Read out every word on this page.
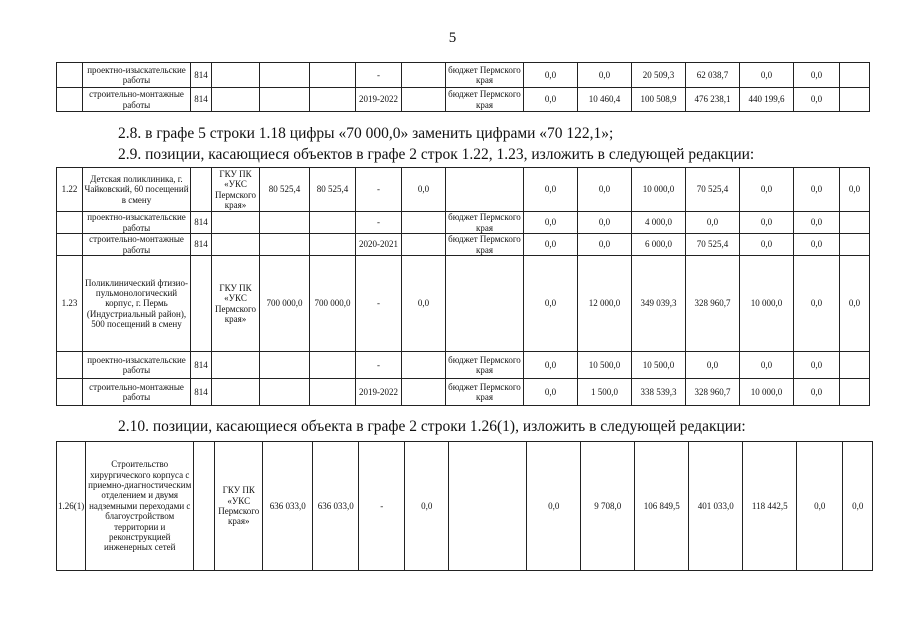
5
	проектно-изыскательские работы	814				-		бюджет Пермского края	0,0	0,0	20 509,3	62 038,7	0,0	0,0	
	строительно-монтажные работы	814				2019-2022		бюджет Пермского края	0,0	10 460,4	100 508,9	476 238,1	440 199,6	0,0	
2.8. в графе 5 строки 1.18 цифры «70 000,0» заменить цифрами «70 122,1»;
2.9. позиции, касающиеся объектов в графе 2 строк 1.22, 1.23, изложить в следующей редакции:
1.22	Детская поликлиника, г. Чайковский, 60 посещений в смену		ГКУ ПК «УКС Пермского края»	80 525,4	80 525,4	-	0,0		0,0	0,0	10 000,0	70 525,4	0,0	0,0	0,0
	проектно-изыскательские работы	814				-		бюджет Пермского края	0,0	0,0	4 000,0	0,0	0,0	0,0	
	строительно-монтажные работы	814				2020-2021		бюджет Пермского края	0,0	0,0	6 000,0	70 525,4	0,0	0,0	
1.23	Поликлинический фтизио-пульмонологический корпус, г. Пермь (Индустриальный район), 500 посещений в смену		ГКУ ПК «УКС Пермского края»	700 000,0	700 000,0	-	0,0		0,0	12 000,0	349 039,3	328 960,7	10 000,0	0,0	0,0
	проектно-изыскательские работы	814				-		бюджет Пермского края	0,0	10 500,0	10 500,0	0,0	0,0	0,0	
	строительно-монтажные работы	814				2019-2022		бюджет Пермского края	0,0	1 500,0	338 539,3	328 960,7	10 000,0	0,0	
2.10. позиции, касающиеся объекта в графе 2 строки 1.26(1), изложить в следующей редакции:
1.26(1)	Строительство хирургического корпуса с приемно-диагностическим отделением и двумя надземными переходами с благоустройством территории и реконструкцией инженерных сетей		ГКУ ПК «УКС Пермского края»	636 033,0	636 033,0	-	0,0		0,0	9 708,0	106 849,5	401 033,0	118 442,5	0,0	0,0
